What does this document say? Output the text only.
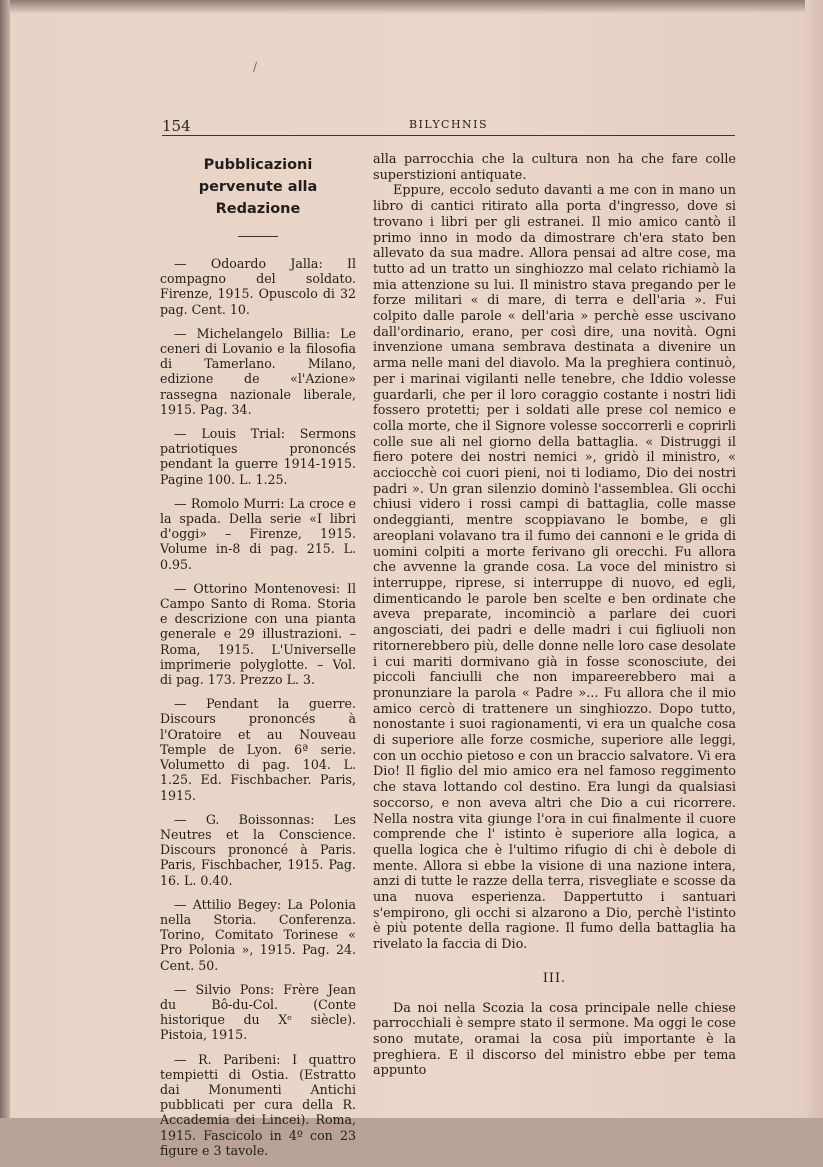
/
154	BILYCHNIS
Pubblicazioni
pervenute alla Redazione

— Odoardo Jalla: Il compagno del soldato. Firenze, 1915. Opuscolo di 32 pag. Cent. 10.

— Michelangelo Billia: Le ceneri di Lovanio e la filosofia di Tamerlano. Milano, edizione de «l'Azione» rassegna nazionale liberale, 1915. Pag. 34.

— Louis Trial: Sermons patriotiques prononcés pendant la guerre 1914-1915. Pagine 100. L. 1.25.

— Romolo Murri: La croce e la spada. Della serie «I libri d'oggi» – Firenze, 1915. Volume in-8 di pag. 215. L. 0.95.

— Ottorino Montenovesi: Il Campo Santo di Roma. Storia e descrizione con una pianta generale e 29 illustrazioni. – Roma, 1915. L'Universelle imprimerie polyglotte. – Vol. di pag. 173. Prezzo L. 3.

— Pendant la guerre. Discours prononcés à l'Oratoire et au Nouveau Temple de Lyon. 6ª serie. Volumetto di pag. 104. L. 1.25. Ed. Fischbacher. Paris, 1915.

— G. Boissonnas: Les Neutres et la Conscience. Discours prononcé à Paris. Paris, Fischbacher, 1915. Pag. 16. L. 0.40.

— Attilio Begey: La Polonia nella Storia. Conferenza. Torino, Comitato Torinese « Pro Polonia », 1915. Pag. 24. Cent. 50.

— Silvio Pons: Frère Jean du Bô-du-Col. (Conte historique du Xᵉ siècle). Pistoia, 1915.

— R. Paribeni: I quattro tempietti di Ostia. (Estratto dai Monumenti Antichi pubblicati per cura della R. Accademia dei Lincei). Roma, 1915. Fascicolo in 4º con 23 figure e 3 tavole.

alla parrocchia che la cultura non ha che fare colle superstizioni antiquate.

Eppure, eccolo seduto davanti a me con in mano un libro di cantici ritirato alla porta d'ingresso, dove si trovano i libri per gli estranei. Il mio amico cantò il primo inno in modo da dimostrare ch'era stato ben allevato da sua madre. Allora pensai ad altre cose, ma tutto ad un tratto un singhiozzo mal celato richiamò la mia attenzione su lui. Il ministro stava pregando per le forze militari « di mare, di terra e dell'aria ». Fui colpito dalle parole « dell'aria » perchè esse uscivano dall'ordinario, erano, per così dire, una novità. Ogni invenzione umana sembrava destinata a divenire un arma nelle mani del diavolo. Ma la preghiera continuò, per i marinai vigilanti nelle tenebre, che Iddio volesse guardarli, che per il loro coraggio costante i nostri lidi fossero protetti; per i soldati alle prese col nemico e colla morte, che il Signore volesse soccorrerli e coprirli colle sue ali nel giorno della battaglia. « Distruggi il fiero potere dei nostri nemici », gridò il ministro, « acciocchè coi cuori pieni, noi ti lodiamo, Dio dei nostri padri ». Un gran silenzio dominò l'assemblea. Gli occhi chiusi videro i rossi campi di battaglia, colle masse ondeggianti, mentre scoppiavano le bombe, e gli areoplani volavano tra il fumo dei cannoni e le grida di uomini colpiti a morte ferivano gli orecchi. Fu allora che avvenne la grande cosa. La voce del ministro si interruppe, riprese, si interruppe di nuovo, ed egli, dimenticando le parole ben scelte e ben ordinate che aveva preparate, incominciò a parlare dei cuori angosciati, dei padri e delle madri i cui figliuoli non ritornerebbero più, delle donne nelle loro case desolate i cui mariti dormivano già in fosse sconosciute, dei piccoli fanciulli che non impareerebbero mai a pronunziare la parola « Padre »... Fu allora che il mio amico cercò di trattenere un singhiozzo. Dopo tutto, nonostante i suoi ragionamenti, vi era un qualche cosa di superiore alle forze cosmiche, superiore alle leggi, con un occhio pietoso e con un braccio salvatore. Vi era Dio! Il figlio del mio amico era nel famoso reggimento che stava lottando col destino. Era lungi da qualsiasi soccorso, e non aveva altri che Dio a cui ricorrere. Nella nostra vita giunge l'ora in cui finalmente il cuore comprende che l' istinto è superiore alla logica, a quella logica che è l'ultimo rifugio di chi è debole di mente. Allora si ebbe la visione di una nazione intera, anzi di tutte le razze della terra, risvegliate e scosse da una nuova esperienza. Dappertutto i santuari s'empirono, gli occhi si alzarono a Dio, perchè l'istinto è più potente della ragione. Il fumo della battaglia ha rivelato la faccia di Dio.

III.

Da noi nella Scozia la cosa principale nelle chiese parrocchiali è sempre stato il sermone. Ma oggi le cose sono mutate, oramai la cosa più importante è la preghiera. E il discorso del ministro ebbe per tema appunto
